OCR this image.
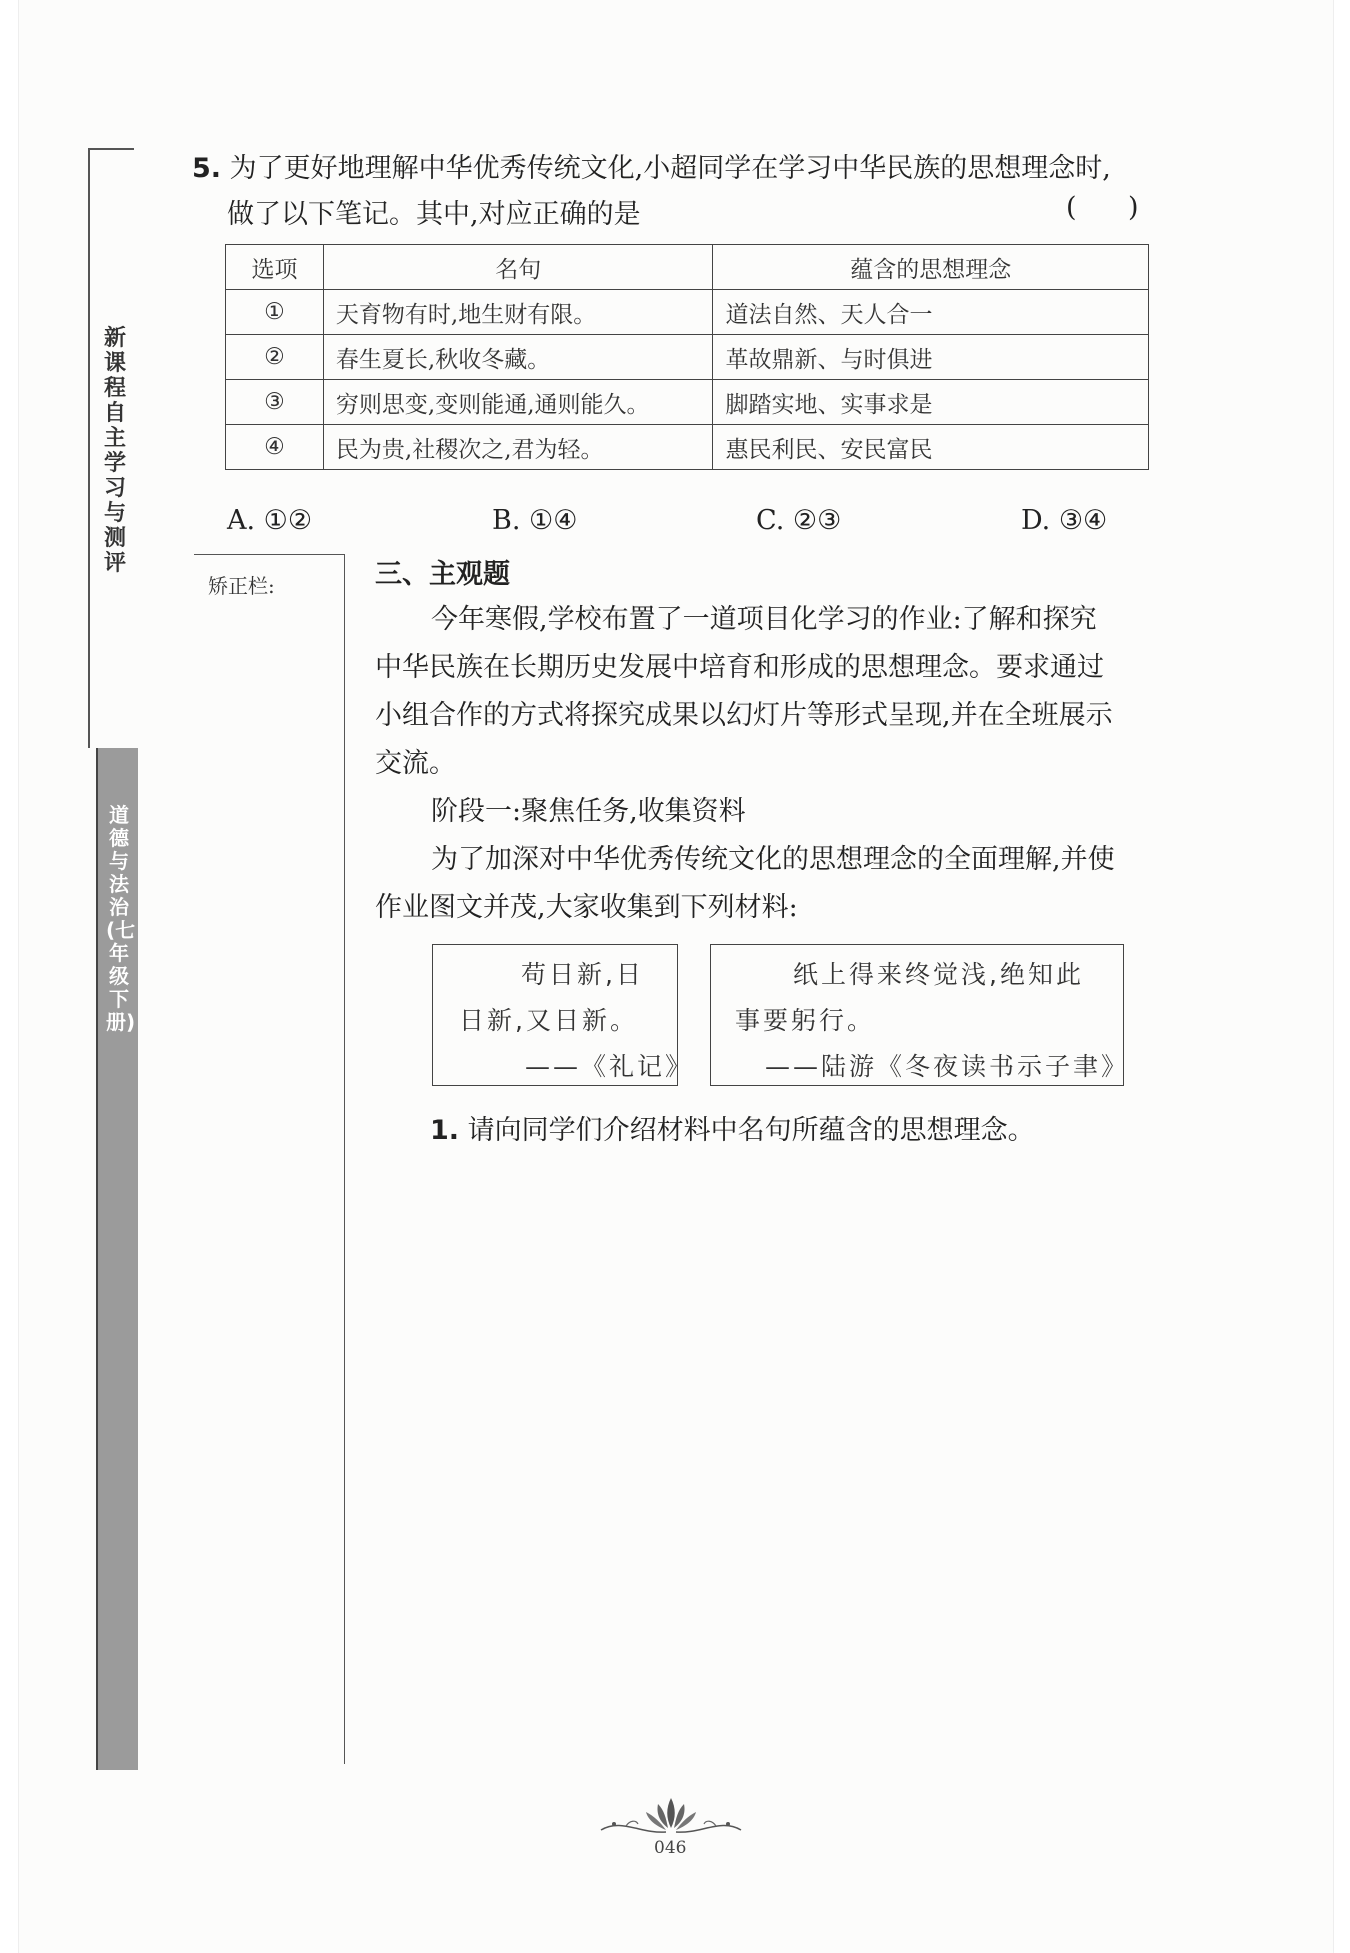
新课程自主学习与测评
道德与法治(七年级下册)
矫正栏:
5. 为了更好地理解中华优秀传统文化,小超同学在学习中华民族的思想理念时,
做了以下笔记。其中,对应正确的是	(      )
选项	名句	蕴含的思想理念
①	天育物有时,地生财有限。	道法自然、天人合一
②	春生夏长,秋收冬藏。	革故鼎新、与时俱进
③	穷则思变,变则能通,通则能久。	脚踏实地、实事求是
④	民为贵,社稷次之,君为轻。	惠民利民、安民富民
A. ①②	B. ①④	C. ②③	D. ③④
三、主观题
今年寒假,学校布置了一道项目化学习的作业:了解和探究
中华民族在长期历史发展中培育和形成的思想理念。要求通过
小组合作的方式将探究成果以幻灯片等形式呈现,并在全班展示
交流。
阶段一:聚焦任务,收集资料
为了加深对中华优秀传统文化的思想理念的全面理解,并使
作业图文并茂,大家收集到下列材料:
苟日新,日
日新,又日新。
——《礼记》
纸上得来终觉浅,绝知此
事要躬行。
——陆游《冬夜读书示子聿》
1. 请向同学们介绍材料中名句所蕴含的思想理念。
046
